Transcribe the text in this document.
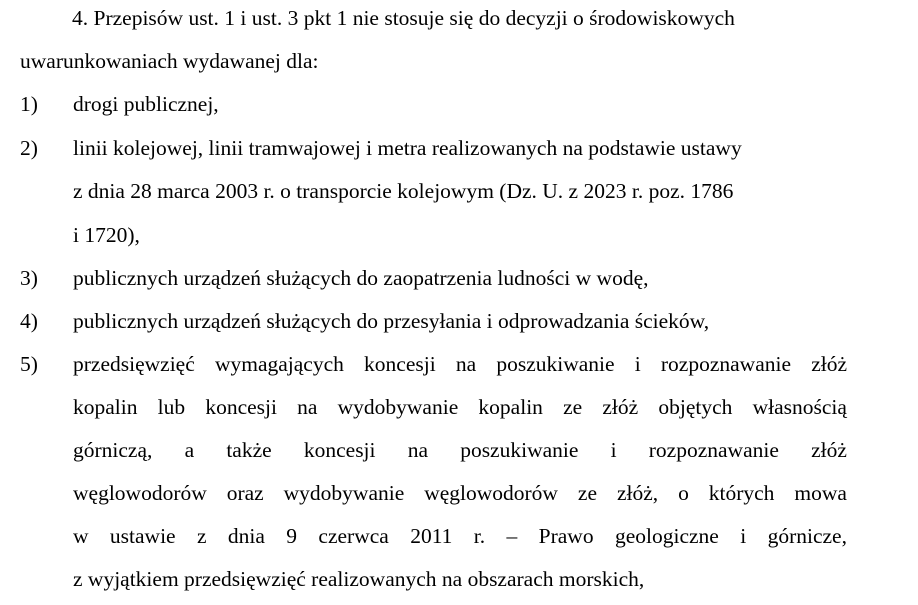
4. Przepisów ust. 1 i ust. 3 pkt 1 nie stosuje się do decyzji o środowiskowych
uwarunkowaniach wydawanej dla:
1) drogi publicznej,
2) linii kolejowej, linii tramwajowej i metra realizowanych na podstawie ustawy
z dnia 28 marca 2003 r. o transporcie kolejowym (Dz. U. z 2023 r. poz. 1786
i 1720),
3) publicznych urządzeń służących do zaopatrzenia ludności w wodę,
4) publicznych urządzeń służących do przesyłania i odprowadzania ścieków,
5) przedsięwzięć wymagających koncesji na poszukiwanie i rozpoznawanie złóż
kopalin lub koncesji na wydobywanie kopalin ze złóż objętych własnością
górniczą, a także koncesji na poszukiwanie i rozpoznawanie złóż
węglowodorów oraz wydobywanie węglowodorów ze złóż, o których mowa
w ustawie z dnia 9 czerwca 2011 r. – Prawo geologiczne i górnicze,
z wyjątkiem przedsięwzięć realizowanych na obszarach morskich,
